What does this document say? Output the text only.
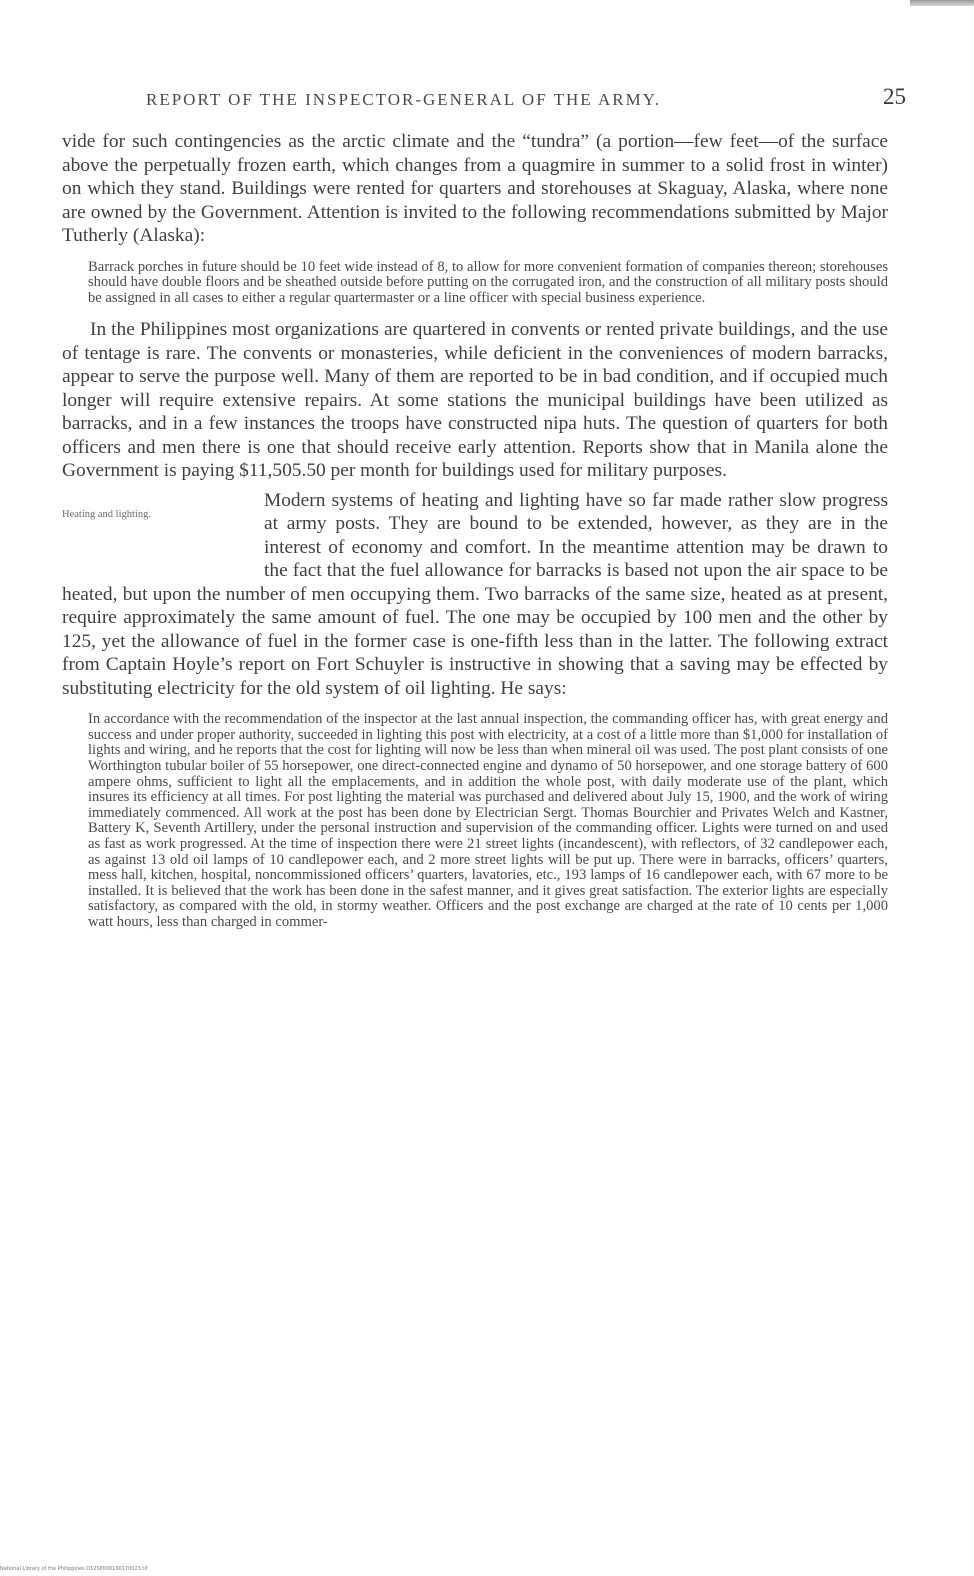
REPORT OF THE INSPECTOR-GENERAL OF THE ARMY.	25

vide for such contingencies as the arctic climate and the “tundra” (a portion—few feet—of the surface above the perpetually frozen earth, which changes from a quagmire in summer to a solid frost in winter) on which they stand. Buildings were rented for quarters and storehouses at Skaguay, Alaska, where none are owned by the Government. Attention is invited to the following recommendations submitted by Major Tutherly (Alaska):

Barrack porches in future should be 10 feet wide instead of 8, to allow for more convenient formation of companies thereon; storehouses should have double floors and be sheathed outside before putting on the corrugated iron, and the construction of all military posts should be assigned in all cases to either a regular quartermaster or a line officer with special business experience.

In the Philippines most organizations are quartered in convents or rented private buildings, and the use of tentage is rare. The convents or monasteries, while deficient in the conveniences of modern barracks, appear to serve the purpose well. Many of them are reported to be in bad condition, and if occupied much longer will require extensive repairs. At some stations the municipal buildings have been utilized as barracks, and in a few instances the troops have constructed nipa huts. The question of quarters for both officers and men there is one that should receive early attention. Reports show that in Manila alone the Government is paying $11,505.50 per month for buildings used for military purposes.

Heating and lighting.

Modern systems of heating and lighting have so far made rather slow progress at army posts. They are bound to be extended, however, as they are in the interest of economy and comfort. In the meantime attention may be drawn to the fact that the fuel allowance for barracks is based not upon the air space to be heated, but upon the number of men occupying them. Two barracks of the same size, heated as at present, require approximately the same amount of fuel. The one may be occupied by 100 men and the other by 125, yet the allowance of fuel in the former case is one-fifth less than in the latter. The following extract from Captain Hoyle’s report on Fort Schuyler is instructive in showing that a saving may be effected by substituting electricity for the old system of oil lighting. He says:

In accordance with the recommendation of the inspector at the last annual inspection, the commanding officer has, with great energy and success and under proper authority, succeeded in lighting this post with electricity, at a cost of a little more than $1,000 for installation of lights and wiring, and he reports that the cost for lighting will now be less than when mineral oil was used. The post plant consists of one Worthington tubular boiler of 55 horsepower, one direct-connected engine and dynamo of 50 horsepower, and one storage battery of 600 ampere ohms, sufficient to light all the emplacements, and in addition the whole post, with daily moderate use of the plant, which insures its efficiency at all times. For post lighting the material was purchased and delivered about July 15, 1900, and the work of wiring immediately commenced. All work at the post has been done by Electrician Sergt. Thomas Bourchier and Privates Welch and Kastner, Battery K, Seventh Artillery, under the personal instruction and supervision of the commanding officer. Lights were turned on and used as fast as work progressed. At the time of inspection there were 21 street lights (incandescent), with reflectors, of 32 candlepower each, as against 13 old oil lamps of 10 candlepower each, and 2 more street lights will be put up. There were in barracks, officers’ quarters, mess hall, kitchen, hospital, noncommissioned officers’ quarters, lavatories, etc., 193 lamps of 16 candlepower each, with 67 more to be installed. It is believed that the work has been done in the safest manner, and it gives great satisfaction. The exterior lights are especially satisfactory, as compared with the old, in stormy weather. Officers and the post exchange are charged at the rate of 10 cents per 1,000 watt hours, less than charged in commer-

National Library of the Philippines D12SP000150170023.tif
